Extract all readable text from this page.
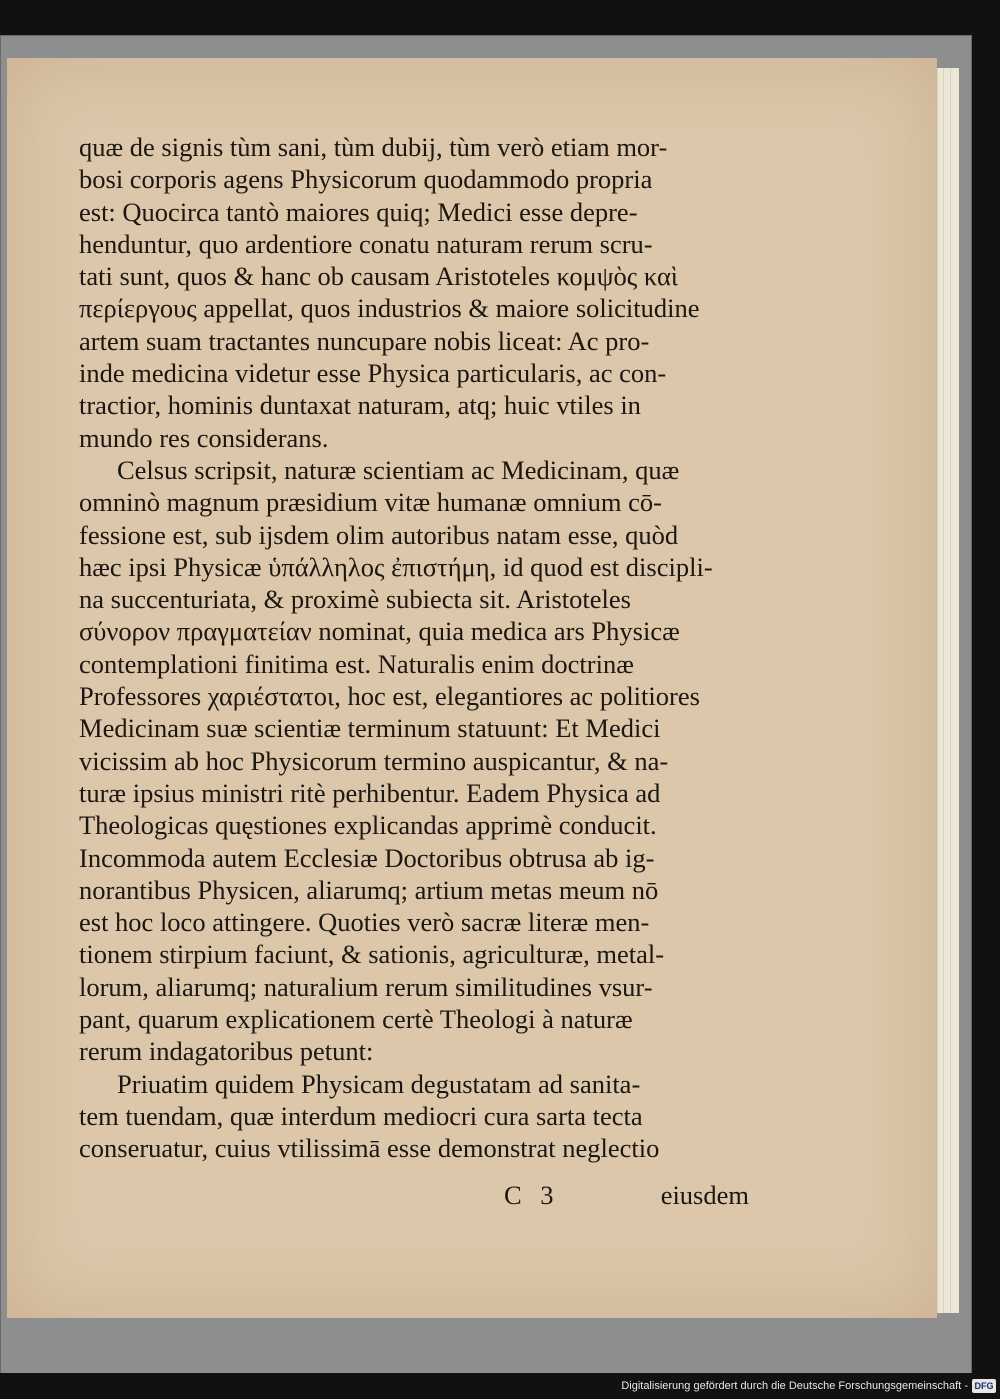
quæ de signis tùm sani, tùm dubij, tùm verò etiam mor-
bosi corporis agens Physicorum quodammodo propria
est: Quocirca tantò maiores quiq; Medici esse depre-
henduntur, quo ardentiore conatu naturam rerum scru-
tati sunt, quos & hanc ob causam Aristoteles κομψὸς καὶ
περίεργους appellat, quos industrios & maiore solicitudine
artem suam tractantes nuncupare nobis liceat: Ac pro-
inde medicina videtur esse Physica particularis, ac con-
tractior, hominis duntaxat naturam, atq; huic vtiles in
mundo res considerans.
Celsus scripsit, naturæ scientiam ac Medicinam, quæ
omninò magnum præsidium vitæ humanæ omnium cō-
fessione est, sub ijsdem olim autoribus natam esse, quòd
hæc ipsi Physicæ ὑπάλληλος ἐπιστήμη, id quod est discipli-
na succenturiata, & proximè subiecta sit. Aristoteles
σύνορον πραγματείαν nominat, quia medica ars Physicæ
contemplationi finitima est. Naturalis enim doctrinæ
Professores χαριέστατοι, hoc est, elegantiores ac politiores
Medicinam suæ scientiæ terminum statuunt: Et Medici
vicissim ab hoc Physicorum termino auspicantur, & na-
turæ ipsius ministri ritè perhibentur. Eadem Physica ad
Theologicas quęstiones explicandas apprimè conducit.
Incommoda autem Ecclesiæ Doctoribus obtrusa ab ig-
norantibus Physicen, aliarumq; artium metas meum nō
est hoc loco attingere. Quoties verò sacræ literæ men-
tionem stirpium faciunt, & sationis, agriculturæ, metal-
lorum, aliarumq; naturalium rerum similitudines vsur-
pant, quarum explicationem certè Theologi à naturæ
rerum indagatoribus petunt:
Priuatim quidem Physicam degustatam ad sanita-
tem tuendam, quæ interdum mediocri cura sarta tecta
conseruatur, cuius vtilissimā esse demonstrat neglectio
C 3	eiusdem
Digitalisierung gefördert durch die Deutsche Forschungsgemeinschaft - DFG
